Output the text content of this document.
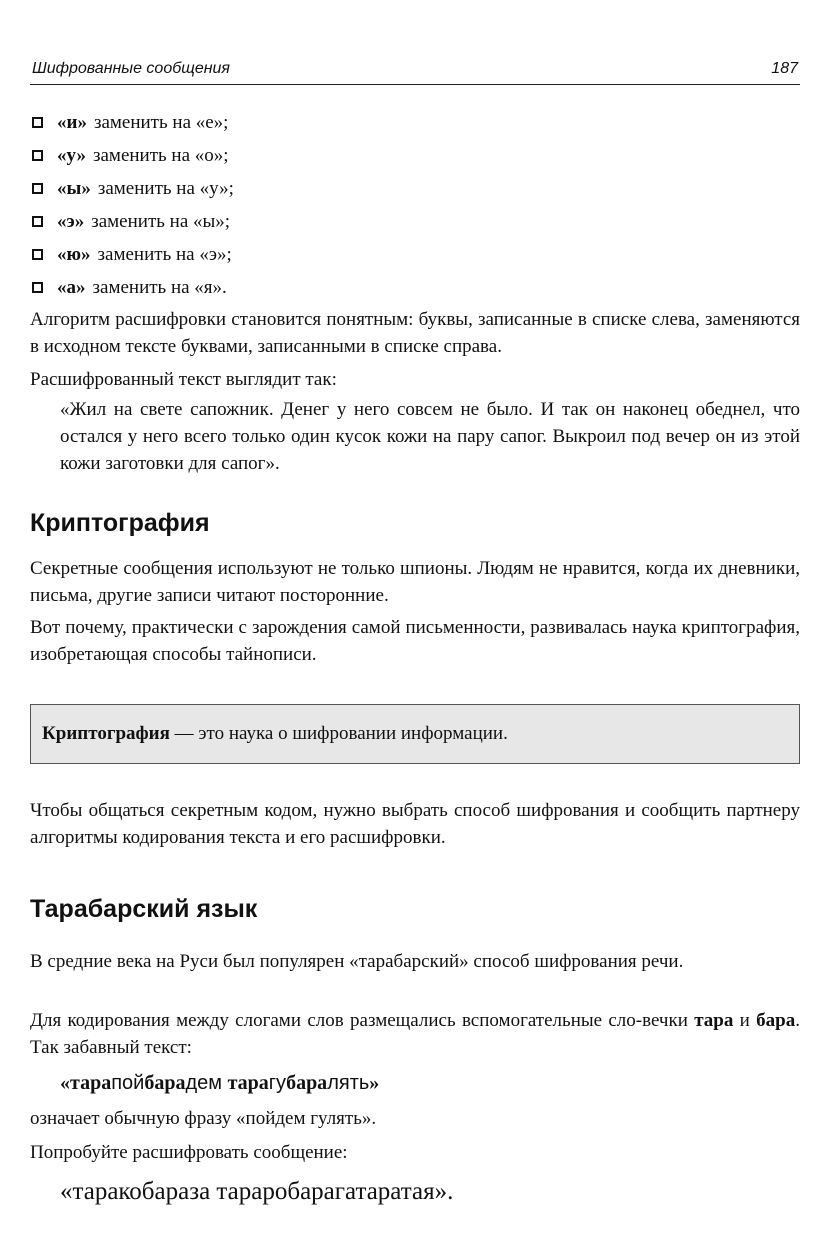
Шифрованные сообщения	187
«и» заменить на «е»;
«у» заменить на «о»;
«ы» заменить на «у»;
«э» заменить на «ы»;
«ю» заменить на «э»;
«а» заменить на «я».

Алгоритм расшифровки становится понятным: буквы, записанные в списке слева, заменяются в исходном тексте буквами, записанными в списке справа.

Расшифрованный текст выглядит так:

«Жил на свете сапожник. Денег у него совсем не было. И так он наконец обеднел, что остался у него всего только один кусок кожи на пару сапог. Выкроил под вечер он из этой кожи заготовки для сапог».

Криптография

Секретные сообщения используют не только шпионы. Людям не нравится, когда их дневники, письма, другие записи читают посторонние.

Вот почему, практически с зарождения самой письменности, развивалась наука криптография, изобретающая способы тайнописи.

Криптография — это наука о шифровании информации.

Чтобы общаться секретным кодом, нужно выбрать способ шифрования и сообщить партнеру алгоритмы кодирования текста и его расшифровки.

Тарабарский язык

В средние века на Руси был популярен «тарабарский» способ шифрования речи.

Для кодирования между слогами слов размещались вспомогательные сло-вечки тара и бара. Так забавный текст:

«тарапойбарадем тарагубаралять»

означает обычную фразу «пойдем гулять».

Попробуйте расшифровать сообщение:

«таракобараза тараробарагатаратая».
